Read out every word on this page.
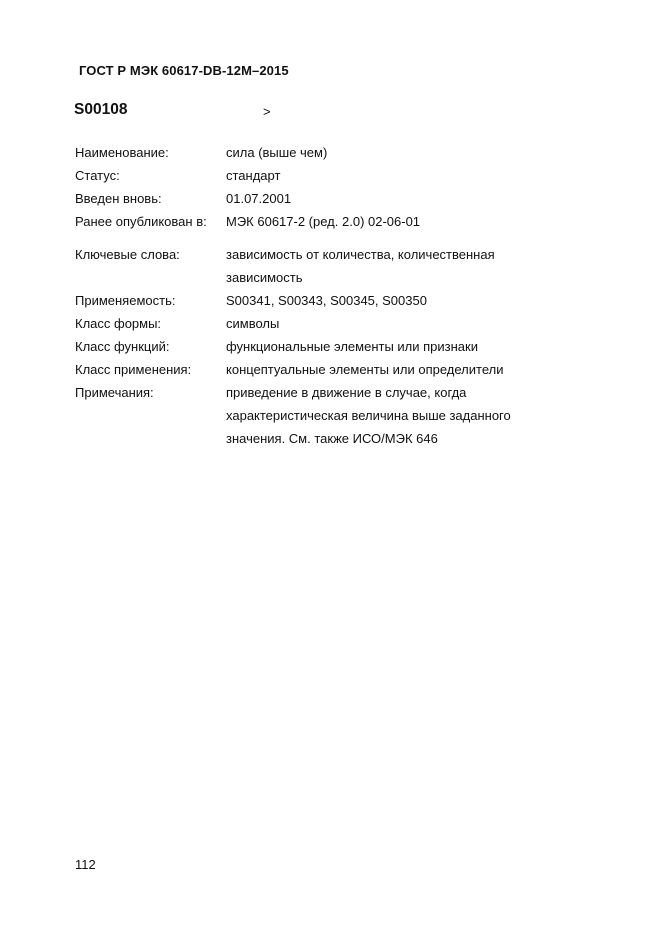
ГОСТ Р МЭК 60617-DB-12M–2015
S00108	>
Наименование:	сила (выше чем)
Статус:	стандарт
Введен вновь:	01.07.2001
Ранее опубликован в:	МЭК 60617-2 (ред. 2.0) 02-06-01
Ключевые слова:	зависимость от количества, количественная
зависимость
Применяемость:	S00341, S00343, S00345, S00350
Класс формы:	символы
Класс функций:	функциональные элементы или признаки
Класс применения:	концептуальные элементы или определители
Примечания:	приведение в движение в случае, когда
характеристическая величина выше заданного
значения. См. также ИСО/МЭК 646
112
